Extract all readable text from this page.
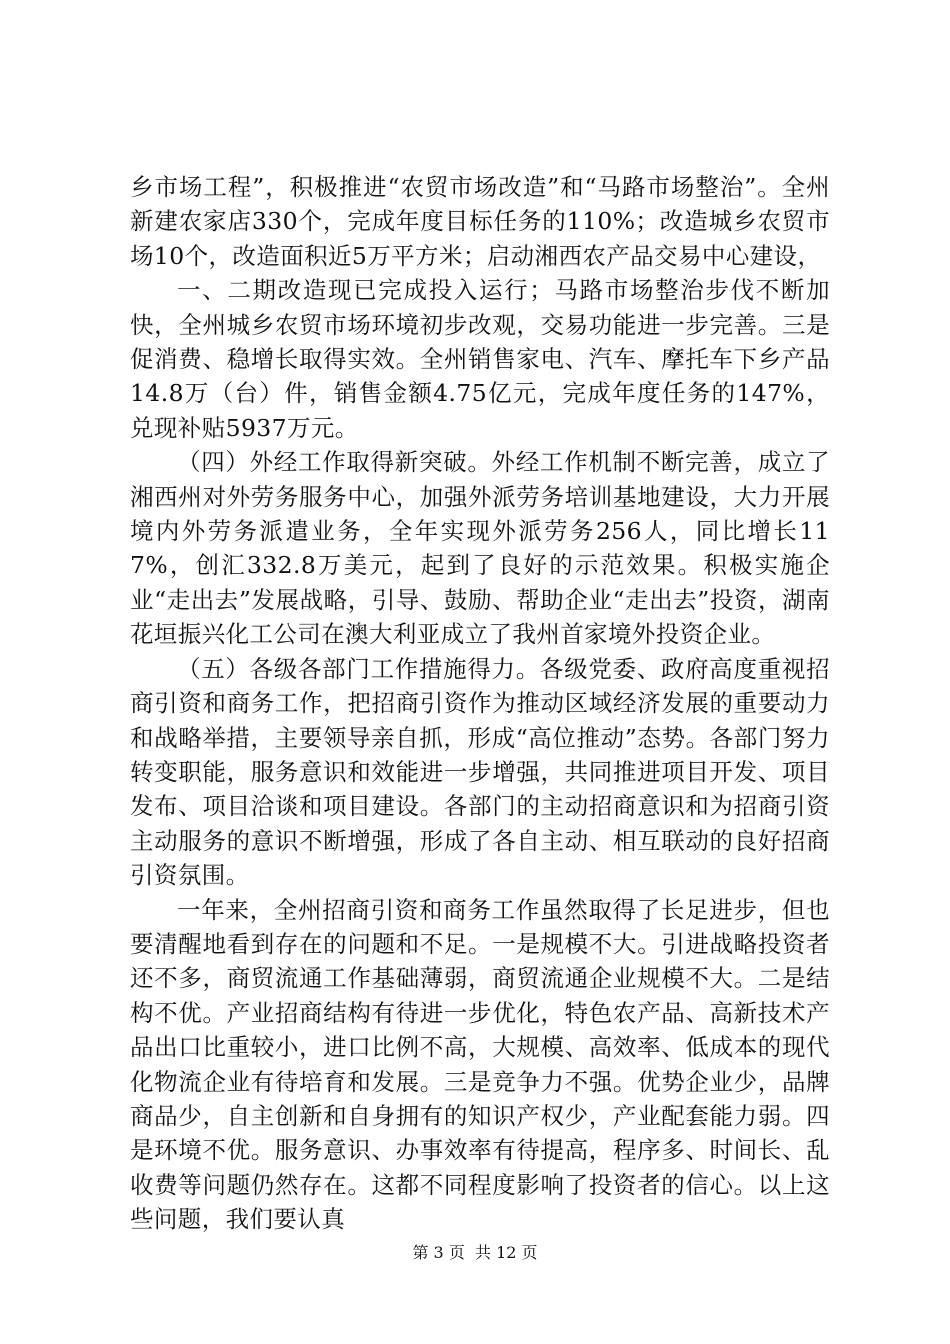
乡市场工程”，积极推进“农贸市场改造”和“马路市场整治”。全州新建农家店330个，完成年度目标任务的110%；改造城乡农贸市场10个，改造面积近5万平方米；启动湘西农产品交易中心建设，

一、二期改造现已完成投入运行；马路市场整治步伐不断加快，全州城乡农贸市场环境初步改观，交易功能进一步完善。三是促消费、稳增长取得实效。全州销售家电、汽车、摩托车下乡产品14.8万（台）件，销售金额4.75亿元，完成年度任务的147%，兑现补贴5937万元。

（四）外经工作取得新突破。外经工作机制不断完善，成立了湘西州对外劳务服务中心，加强外派劳务培训基地建设，大力开展境内外劳务派遣业务，全年实现外派劳务256人，同比增长117%，创汇332.8万美元，起到了良好的示范效果。积极实施企业“走出去”发展战略，引导、鼓励、帮助企业“走出去”投资，湖南花垣振兴化工公司在澳大利亚成立了我州首家境外投资企业。

（五）各级各部门工作措施得力。各级党委、政府高度重视招商引资和商务工作，把招商引资作为推动区域经济发展的重要动力和战略举措，主要领导亲自抓，形成“高位推动”态势。各部门努力转变职能，服务意识和效能进一步增强，共同推进项目开发、项目发布、项目洽谈和项目建设。各部门的主动招商意识和为招商引资主动服务的意识不断增强，形成了各自主动、相互联动的良好招商引资氛围。

一年来，全州招商引资和商务工作虽然取得了长足进步，但也要清醒地看到存在的问题和不足。一是规模不大。引进战略投资者还不多，商贸流通工作基础薄弱，商贸流通企业规模不大。二是结构不优。产业招商结构有待进一步优化，特色农产品、高新技术产品出口比重较小，进口比例不高，大规模、高效率、低成本的现代化物流企业有待培育和发展。三是竞争力不强。优势企业少，品牌商品少，自主创新和自身拥有的知识产权少，产业配套能力弱。四是环境不优。服务意识、办事效率有待提高，程序多、时间长、乱收费等问题仍然存在。这都不同程度影响了投资者的信心。以上这些问题，我们要认真

第 3 页  共 12 页
